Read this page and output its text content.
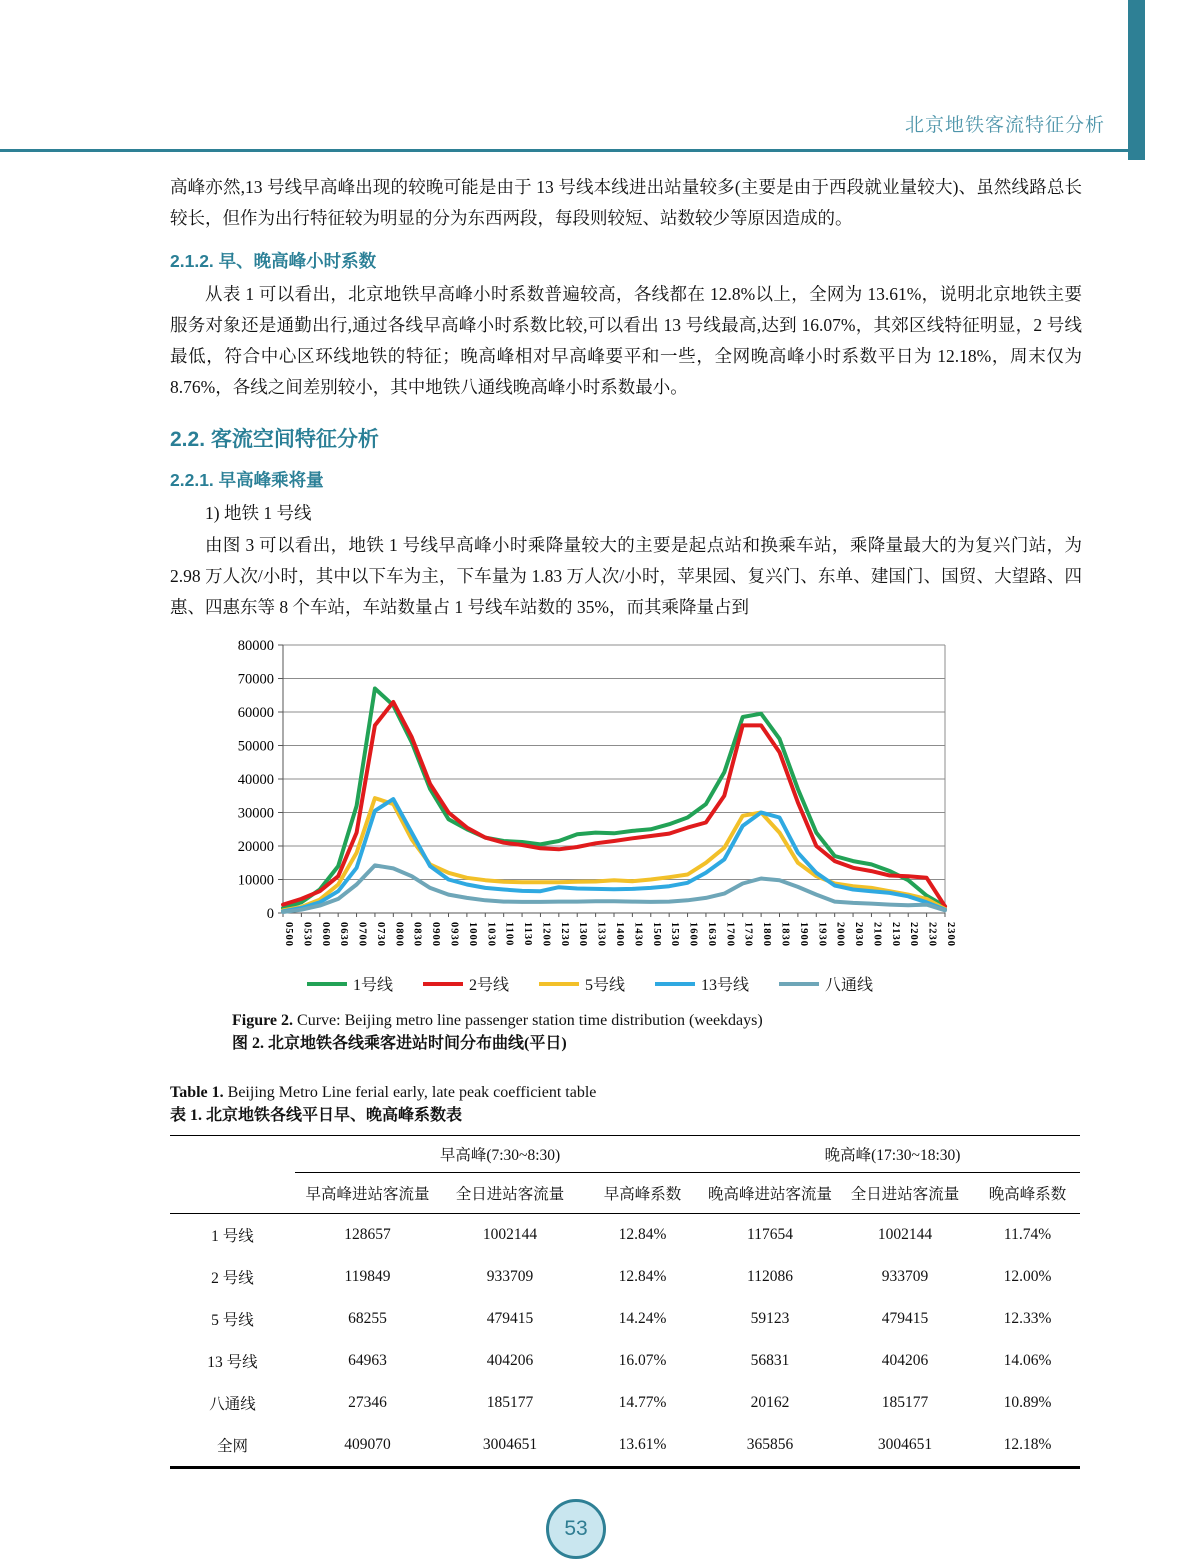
北京地铁客流特征分析

高峰亦然,13 号线早高峰出现的较晚可能是由于 13 号线本线进出站量较多(主要是由于西段就业量较大)、虽然线路总长较长，但作为出行特征较为明显的分为东西两段，每段则较短、站数较少等原因造成的。

2.1.2. 早、晚高峰小时系数

从表 1 可以看出，北京地铁早高峰小时系数普遍较高，各线都在 12.8%以上，全网为 13.61%，说明北京地铁主要服务对象还是通勤出行,通过各线早高峰小时系数比较,可以看出 13 号线最高,达到 16.07%，其郊区线特征明显，2 号线最低，符合中心区环线地铁的特征；晚高峰相对早高峰要平和一些，全网晚高峰小时系数平日为 12.18%，周末仅为 8.76%，各线之间差别较小，其中地铁八通线晚高峰小时系数最小。

2.2. 客流空间特征分析
2.2.1. 早高峰乘将量
1) 地铁 1 号线

由图 3 可以看出，地铁 1 号线早高峰小时乘降量较大的主要是起点站和换乘车站，乘降量最大的为复兴门站，为 2.98 万人次/小时，其中以下车为主，下车量为 1.83 万人次/小时，苹果园、复兴门、东单、建国门、国贸、大望路、四惠、四惠东等 8 个车站，车站数量占 1 号线车站数的 35%，而其乘降量占到

0
10000
20000
30000
40000
50000
60000
70000
80000
0500 0530 0600 0630 0700 0730 0800 0830 0900 0930 1000 1030 1100 1130 1200 1230 1300 1330 1400 1430 1500 1530 1600 1630 1700 1730 1800 1830 1900 1930 2000 2030 2100 2130 2200 2230 2300
1号线	2号线	5号线	13号线	八通线
Figure 2. Curve: Beijing metro line passenger station time distribution (weekdays)
图 2. 北京地铁各线乘客进站时间分布曲线(平日)
Table 1. Beijing Metro Line ferial early, late peak coefficient table
表 1. 北京地铁各线平日早、晚高峰系数表
	早高峰(7:30~8:30)			晚高峰(17:30~18:30)		
	早高峰进站客流量	全日进站客流量	早高峰系数	晚高峰进站客流量	全日进站客流量	晚高峰系数
1 号线	128657	1002144	12.84%	117654	1002144	11.74%
2 号线	119849	933709	12.84%	112086	933709	12.00%
5 号线	68255	479415	14.24%	59123	479415	12.33%
13 号线	64963	404206	16.07%	56831	404206	14.06%
八通线	27346	185177	14.77%	20162	185177	10.89%
全网	409070	3004651	13.61%	365856	3004651	12.18%
53
